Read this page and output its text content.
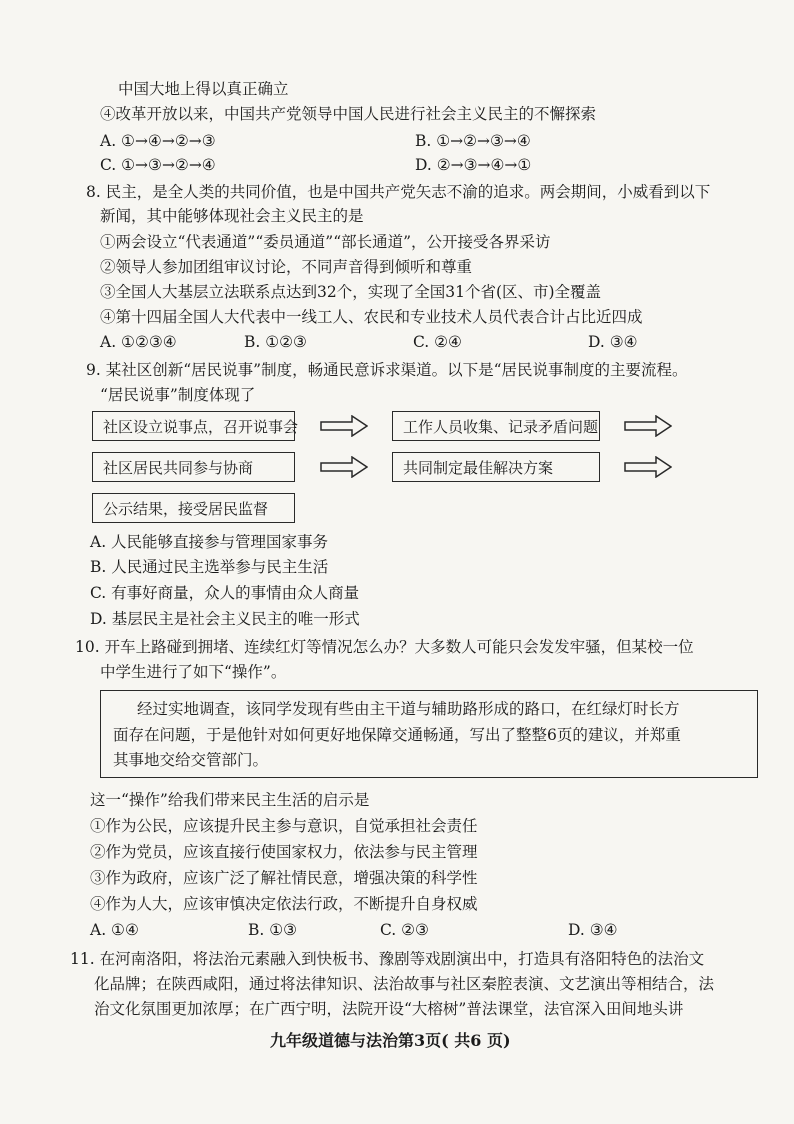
中国大地上得以真正确立
④改革开放以来，中国共产党领导中国人民进行社会主义民主的不懈探索
A. ①→④→②→③	B. ①→②→③→④
C. ①→③→②→④	D. ②→③→④→①
8. 民主，是全人类的共同价值，也是中国共产党矢志不渝的追求。两会期间，小威看到以下
新闻，其中能够体现社会主义民主的是
①两会设立“代表通道”“委员通道”“部长通道”，公开接受各界采访
②领导人参加团组审议讨论，不同声音得到倾听和尊重
③全国人大基层立法联系点达到32个，实现了全国31个省(区、市)全覆盖
④第十四届全国人大代表中一线工人、农民和专业技术人员代表合计占比近四成
A. ①②③④	B. ①②③	C. ②④	D. ③④
9. 某社区创新“居民说事”制度，畅通民意诉求渠道。以下是“居民说事制度的主要流程。
“居民说事”制度体现了
社区设立说事点，召开说事会	工作人员收集、记录矛盾问题
社区居民共同参与协商	共同制定最佳解决方案
公示结果，接受居民监督
A. 人民能够直接参与管理国家事务
B. 人民通过民主选举参与民主生活
C. 有事好商量，众人的事情由众人商量
D. 基层民主是社会主义民主的唯一形式
10. 开车上路碰到拥堵、连续红灯等情况怎么办？大多数人可能只会发发牢骚，但某校一位
中学生进行了如下“操作”。
经过实地调查，该同学发现有些由主干道与辅助路形成的路口，在红绿灯时长方
面存在问题，于是他针对如何更好地保障交通畅通，写出了整整6页的建议，并郑重
其事地交给交管部门。
这一“操作”给我们带来民主生活的启示是
①作为公民，应该提升民主参与意识，自觉承担社会责任
②作为党员，应该直接行使国家权力，依法参与民主管理
③作为政府，应该广泛了解社情民意，增强决策的科学性
④作为人大，应该审慎决定依法行政，不断提升自身权威
A. ①④	B. ①③	C. ②③	D. ③④
11. 在河南洛阳，将法治元素融入到快板书、豫剧等戏剧演出中，打造具有洛阳特色的法治文
化品牌；在陕西咸阳，通过将法律知识、法治故事与社区秦腔表演、文艺演出等相结合，法
治文化氛围更加浓厚；在广西宁明，法院开设“大榕树”普法课堂，法官深入田间地头讲
九年级道德与法治第3页( 共6 页)
